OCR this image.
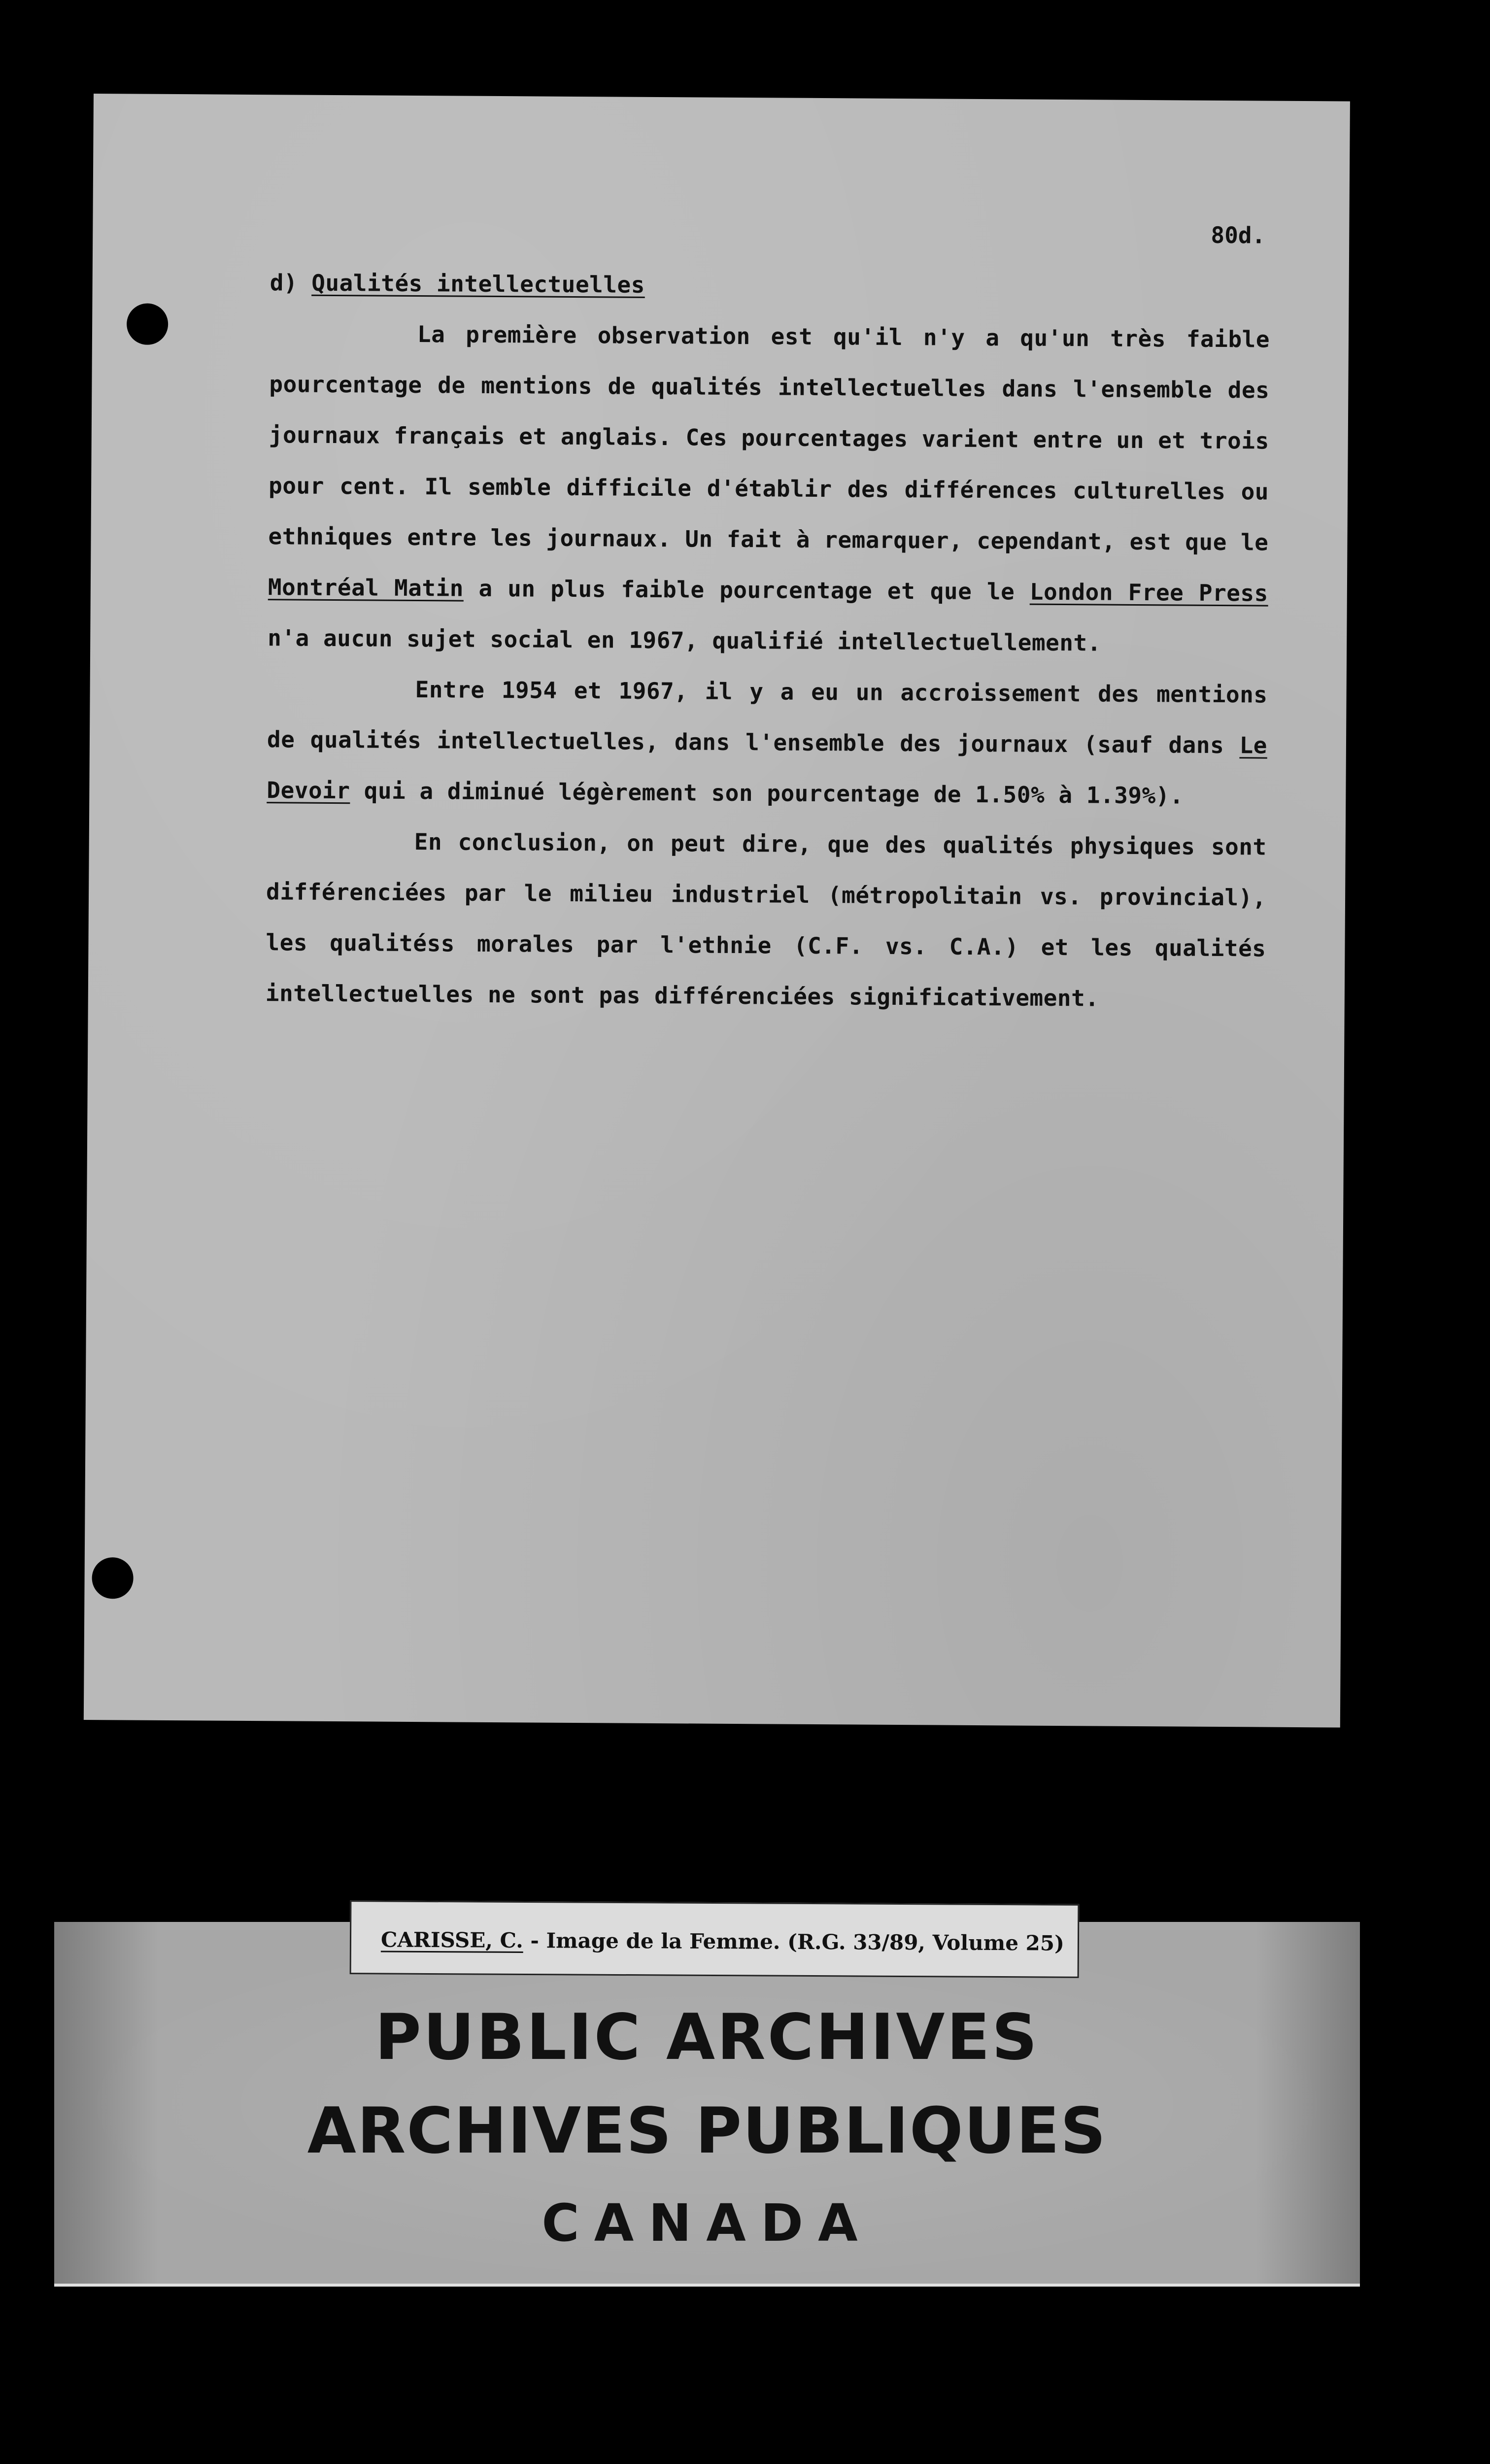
80d.

d) Qualités intellectuelles

La première observation est qu'il n'y a qu'un très faible pourcentage de mentions de qualités intellectuelles dans l'ensemble des journaux français et anglais. Ces pourcentages varient entre un et trois pour cent. Il semble difficile d'établir des différences culturelles ou ethniques entre les journaux. Un fait à remarquer, cependant, est que le Montréal Matin a un plus faible pourcentage et que le London Free Press n'a aucun sujet social en 1967, qualifié intellectuellement.

Entre 1954 et 1967, il y a eu un accroissement des mentions de qualités intellectuelles, dans l'ensemble des journaux (sauf dans Le Devoir qui a diminué légèrement son pourcentage de 1.50% à 1.39%).

En conclusion, on peut dire, que des qualités physiques sont différenciées par le milieu industriel (métropolitain vs. provincial), les qualitéss morales par l'ethnie (C.F. vs. C.A.) et les qualités intellectuelles ne sont pas différenciées significativement.

PUBLIC ARCHIVES
ARCHIVES PUBLIQUES
CANADA
CARISSE, C. - Image de la Femme. (R.G. 33/89, Volume 25)
